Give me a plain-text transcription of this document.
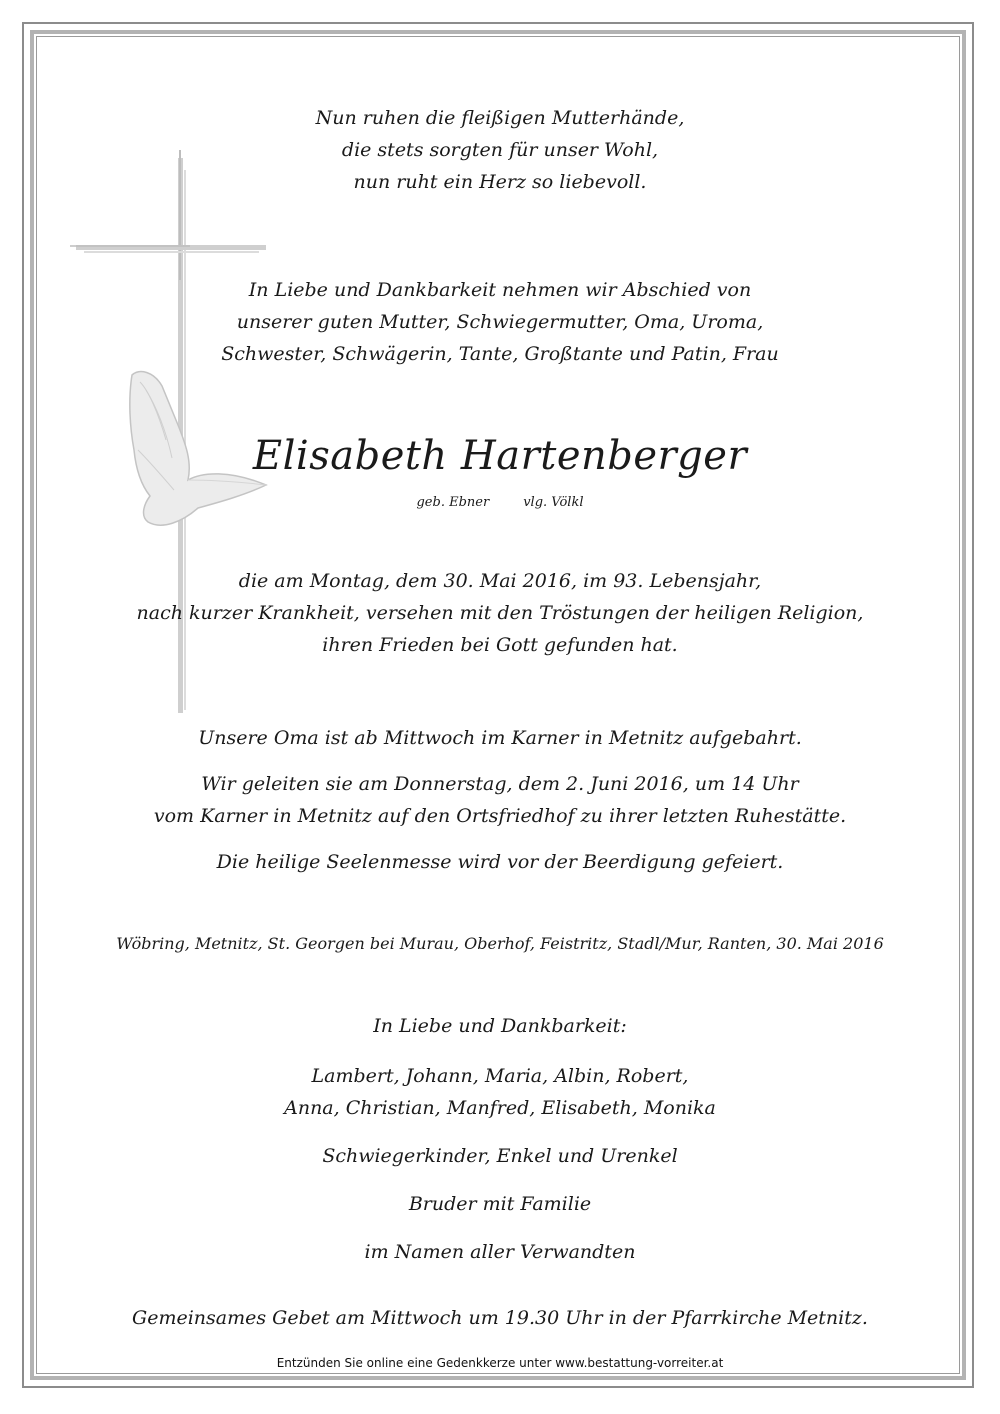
Nun ruhen die fleißigen Mutterhände,
die stets sorgten für unser Wohl,
nun ruht ein Herz so liebevoll.

In Liebe und Dankbarkeit nehmen wir Abschied von
unserer guten Mutter, Schwiegermutter, Oma, Uroma,
Schwester, Schwägerin, Tante, Großtante und Patin, Frau

Elisabeth Hartenberger

geb. Ebner	vlg. Völkl

die am Montag, dem 30. Mai 2016, im 93. Lebensjahr,
nach kurzer Krankheit, versehen mit den Tröstungen der heiligen Religion,
ihren Frieden bei Gott gefunden hat.

Unsere Oma ist ab Mittwoch im Karner in Metnitz aufgebahrt.

Wir geleiten sie am Donnerstag, dem 2. Juni 2016, um 14 Uhr
vom Karner in Metnitz auf den Ortsfriedhof zu ihrer letzten Ruhestätte.

Die heilige Seelenmesse wird vor der Beerdigung gefeiert.

Wöbring, Metnitz, St. Georgen bei Murau, Oberhof, Feistritz, Stadl/Mur, Ranten, 30. Mai 2016

In Liebe und Dankbarkeit:

Lambert, Johann, Maria, Albin, Robert,
Anna, Christian, Manfred, Elisabeth, Monika

Schwiegerkinder, Enkel und Urenkel

Bruder mit Familie

im Namen aller Verwandten

Gemeinsames Gebet am Mittwoch um 19.30 Uhr in der Pfarrkirche Metnitz.

Entzünden Sie online eine Gedenkkerze unter www.bestattung-vorreiter.at
